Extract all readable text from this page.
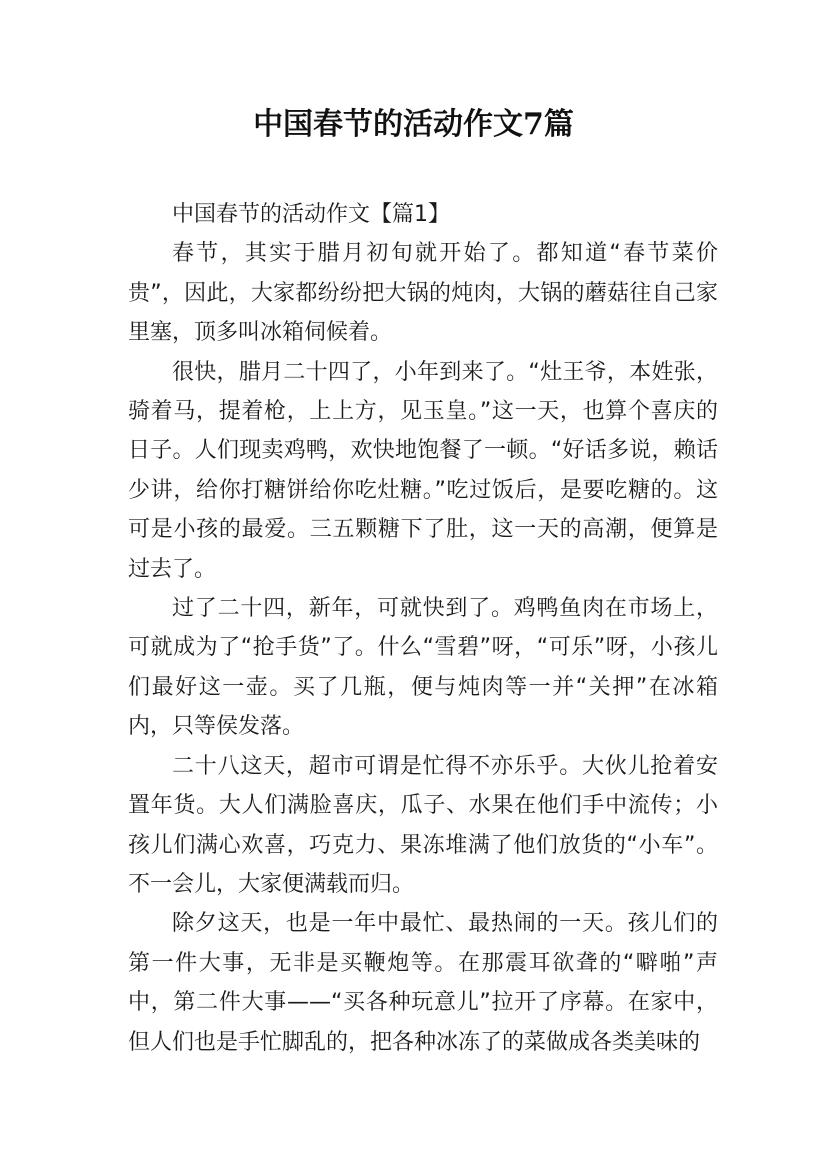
中国春节的活动作文7篇

中国春节的活动作文【篇1】

春节，其实于腊月初旬就开始了。都知道“春节菜价贵”，因此，大家都纷纷把大锅的炖肉，大锅的蘑菇往自己家里塞，顶多叫冰箱伺候着。

很快，腊月二十四了，小年到来了。“灶王爷，本姓张，骑着马，提着枪，上上方，见玉皇。”这一天，也算个喜庆的日子。人们现卖鸡鸭，欢快地饱餐了一顿。“好话多说，赖话少讲，给你打糖饼给你吃灶糖。”吃过饭后，是要吃糖的。这可是小孩的最爱。三五颗糖下了肚，这一天的高潮，便算是过去了。

过了二十四，新年，可就快到了。鸡鸭鱼肉在市场上，可就成为了“抢手货”了。什么“雪碧”呀，“可乐”呀，小孩儿们最好这一壶。买了几瓶，便与炖肉等一并“关押”在冰箱内，只等侯发落。

二十八这天，超市可谓是忙得不亦乐乎。大伙儿抢着安置年货。大人们满脸喜庆，瓜子、水果在他们手中流传；小孩儿们满心欢喜，巧克力、果冻堆满了他们放货的“小车”。不一会儿，大家便满载而归。

除夕这天，也是一年中最忙、最热闹的一天。孩儿们的第一件大事，无非是买鞭炮等。在那震耳欲聋的“噼啪”声中，第二件大事——“买各种玩意儿”拉开了序幕。在家中，但人们也是手忙脚乱的，把各种冰冻了的菜做成各类美味的
